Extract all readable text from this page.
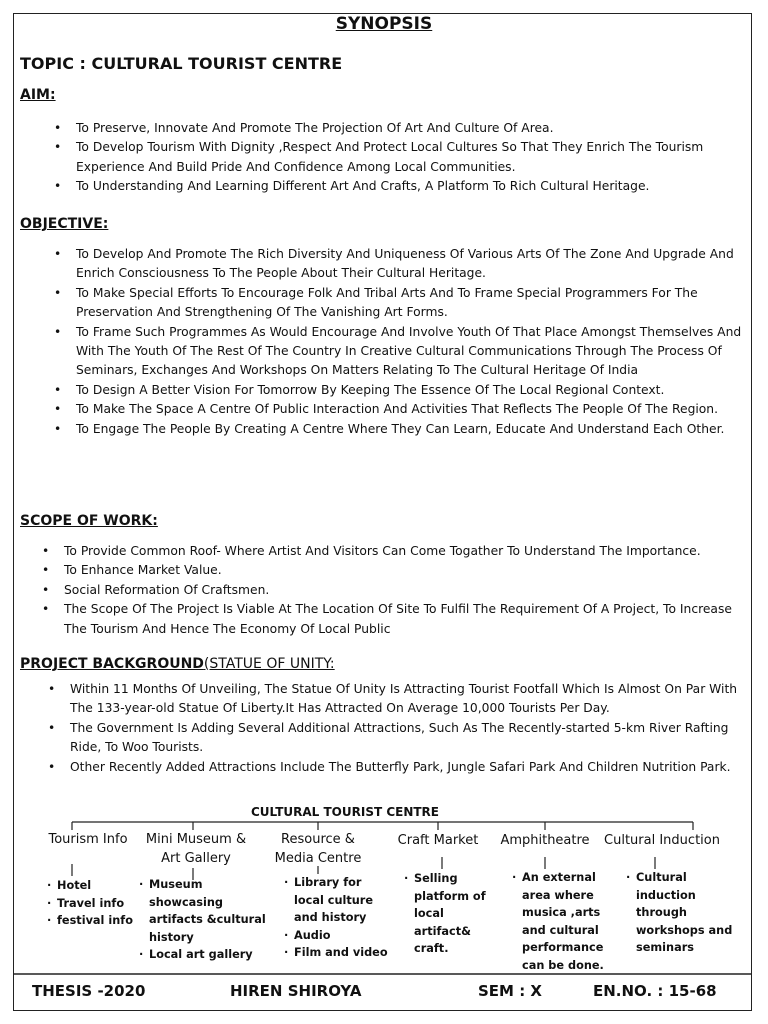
SYNOPSIS
TOPIC : CULTURAL TOURIST CENTRE
AIM:
• To Preserve, Innovate And Promote The Projection Of Art And Culture Of Area.
• To Develop Tourism With Dignity ,Respect And Protect Local Cultures So That They Enrich The Tourism Experience And Build Pride And Confidence Among Local Communities.
• To Understanding And Learning Different Art And Crafts, A Platform To Rich Cultural Heritage.
OBJECTIVE:
• To Develop And Promote The Rich Diversity And Uniqueness Of Various Arts Of The Zone And Upgrade And Enrich Consciousness To The People About Their Cultural Heritage.
• To Make Special Efforts To Encourage Folk And Tribal Arts And To Frame Special Programmers For The Preservation And Strengthening Of The Vanishing Art Forms.
• To Frame Such Programmes As Would Encourage And Involve Youth Of That Place Amongst Themselves And With The Youth Of The Rest Of The Country In Creative Cultural Communications Through The Process Of Seminars, Exchanges And Workshops On Matters Relating To The Cultural Heritage Of India
• To Design A Better Vision For Tomorrow By Keeping The Essence Of The Local Regional Context.
• To Make The Space A Centre Of Public Interaction And Activities That Reflects The People Of The Region.
• To Engage The People By Creating A Centre Where They Can Learn, Educate And Understand Each Other.
SCOPE OF WORK:
• To Provide Common Roof- Where Artist And Visitors Can Come Togather To Understand The Importance.
• To Enhance Market Value.
• Social Reformation Of Craftsmen.
• The Scope Of The Project Is Viable At The Location Of Site To Fulfil The Requirement Of A Project, To Increase The Tourism And Hence The Economy Of Local Public
PROJECT BACKGROUND(STATUE OF UNITY:
• Within 11 Months Of Unveiling, The Statue Of Unity Is Attracting Tourist Footfall Which Is Almost On Par With The 133-year-old Statue Of Liberty.It Has Attracted On Average 10,000 Tourists Per Day.
• The Government Is Adding Several Additional Attractions, Such As The Recently-started 5-km River Rafting Ride, To Woo Tourists.
• Other Recently Added Attractions Include The Butterfly Park, Jungle Safari Park And Children Nutrition Park.
CULTURAL TOURIST CENTRE
Tourism Info	Mini Museum & Art Gallery
Resource & Media Centre
Craft Market	Amphitheatre	Cultural Induction
· Hotel
· Travel info
· festival info
· Museum showcasing artifacts &cultural history
· Local art gallery
· Library for local culture and history
· Audio
· Film and video
· Selling platform of local artifact& craft.
· An external area where musica ,arts and cultural performance can be done.
· Cultural induction through workshops and seminars
THESIS -2020	HIREN SHIROYA	SEM : X	EN.NO. : 15-68
